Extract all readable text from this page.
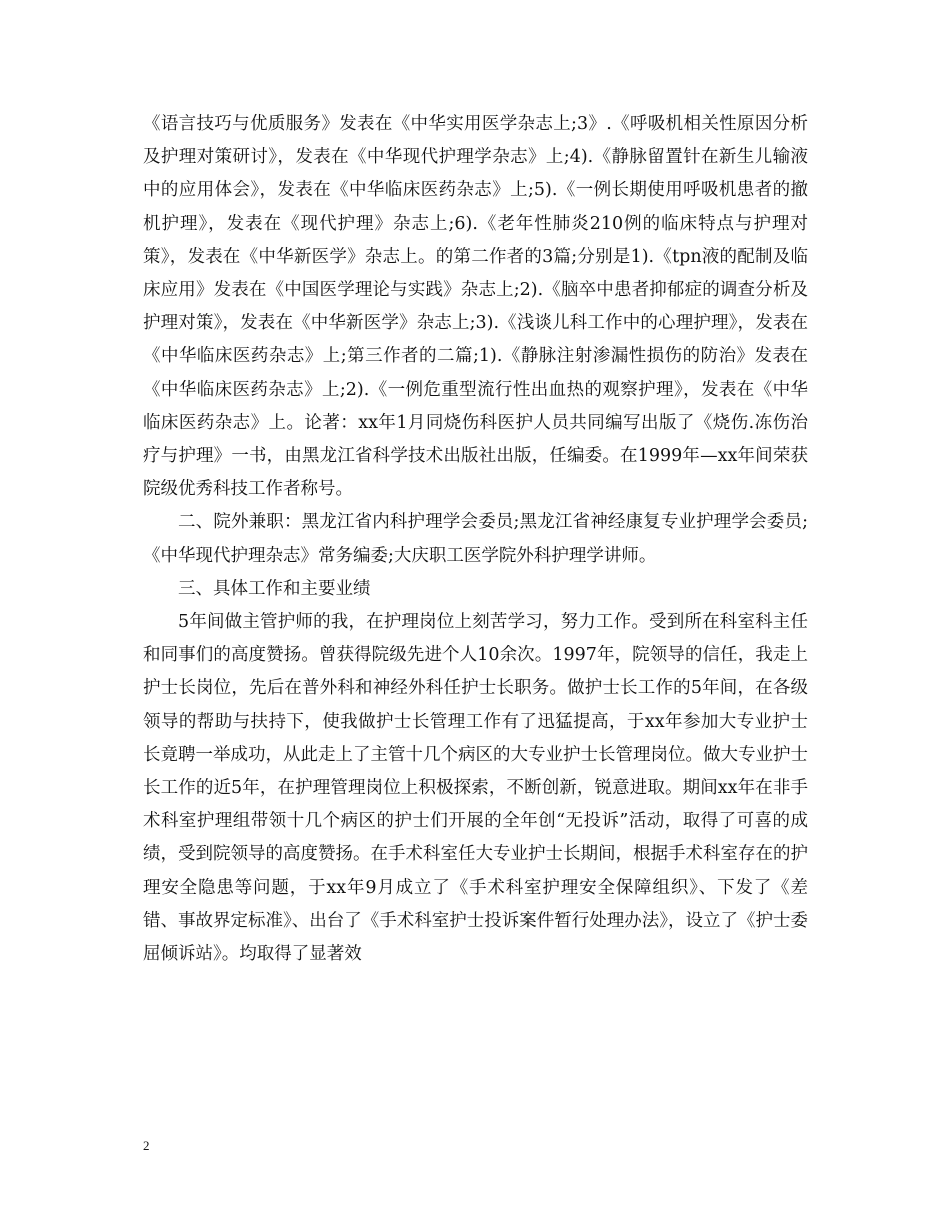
《语言技巧与优质服务》发表在《中华实用医学杂志上;3》.《呼吸机相关性原因分析及护理对策研讨》，发表在《中华现代护理学杂志》上;4).《静脉留置针在新生儿输液中的应用体会》，发表在《中华临床医药杂志》上;5).《一例长期使用呼吸机患者的撤机护理》，发表在《现代护理》杂志上;6).《老年性肺炎210例的临床特点与护理对策》，发表在《中华新医学》杂志上。的第二作者的3篇;分别是1).《tpn液的配制及临床应用》发表在《中国医学理论与实践》杂志上;2).《脑卒中患者抑郁症的调查分析及护理对策》，发表在《中华新医学》杂志上;3).《浅谈儿科工作中的心理护理》，发表在《中华临床医药杂志》上;第三作者的二篇;1).《静脉注射渗漏性损伤的防治》发表在《中华临床医药杂志》上;2).《一例危重型流行性出血热的观察护理》，发表在《中华临床医药杂志》上。论著：xx年1月同烧伤科医护人员共同编写出版了《烧伤.冻伤治疗与护理》一书，由黑龙江省科学技术出版社出版，任编委。在1999年—xx年间荣获院级优秀科技工作者称号。

二、院外兼职：黑龙江省内科护理学会委员;黑龙江省神经康复专业护理学会委员;《中华现代护理杂志》常务编委;大庆职工医学院外科护理学讲师。

三、具体工作和主要业绩

5年间做主管护师的我，在护理岗位上刻苦学习，努力工作。受到所在科室科主任和同事们的高度赞扬。曾获得院级先进个人10余次。1997年，院领导的信任，我走上护士长岗位，先后在普外科和神经外科任护士长职务。做护士长工作的5年间，在各级领导的帮助与扶持下，使我做护士长管理工作有了迅猛提高，于xx年参加大专业护士长竟聘一举成功，从此走上了主管十几个病区的大专业护士长管理岗位。做大专业护士长工作的近5年，在护理管理岗位上积极探索，不断创新，锐意进取。期间xx年在非手术科室护理组带领十几个病区的护士们开展的全年创“无投诉”活动，取得了可喜的成绩，受到院领导的高度赞扬。在手术科室任大专业护士长期间，根据手术科室存在的护理安全隐患等问题，于xx年9月成立了《手术科室护理安全保障组织》、下发了《差错、事故界定标准》、出台了《手术科室护士投诉案件暂行处理办法》，设立了《护士委屈倾诉站》。均取得了显著效

2
